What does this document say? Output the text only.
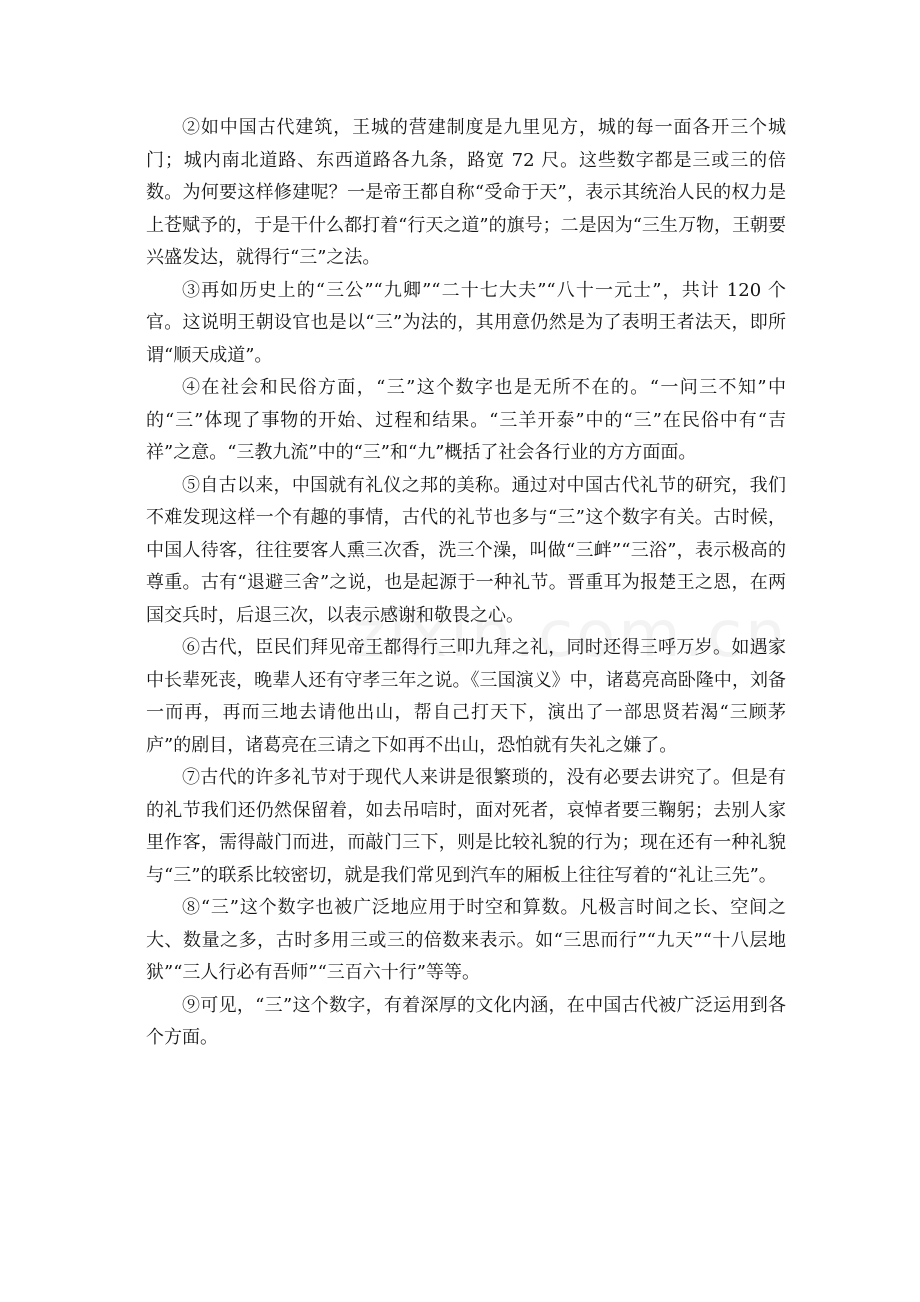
②如中国古代建筑，王城的营建制度是九里见方，城的每一面各开三个城门；城内南北道路、东西道路各九条，路宽 72 尺。这些数字都是三或三的倍数。为何要这样修建呢？一是帝王都自称“受命于天”，表示其统治人民的权力是上苍赋予的，于是干什么都打着“行天之道”的旗号；二是因为“三生万物，王朝要兴盛发达，就得行“三”之法。

③再如历史上的“三公”“九卿”“二十七大夫”“八十一元士”，共计 120 个官。这说明王朝设官也是以“三”为法的，其用意仍然是为了表明王者法天，即所谓“顺天成道”。

④在社会和民俗方面，“三”这个数字也是无所不在的。“一问三不知”中的“三”体现了事物的开始、过程和结果。“三羊开泰”中的“三”在民俗中有“吉祥”之意。“三教九流”中的“三”和“九”概括了社会各行业的方方面面。

⑤自古以来，中国就有礼仪之邦的美称。通过对中国古代礼节的研究，我们不难发现这样一个有趣的事情，古代的礼节也多与“三”这个数字有关。古时候，中国人待客，往往要客人熏三次香，洗三个澡，叫做“三衅”“三浴”，表示极高的尊重。古有“退避三舍”之说，也是起源于一种礼节。晋重耳为报楚王之恩，在两国交兵时，后退三次，以表示感谢和敬畏之心。

⑥古代，臣民们拜见帝王都得行三叩九拜之礼，同时还得三呼万岁。如遇家中长辈死丧，晚辈人还有守孝三年之说。《三国演义》中，诸葛亮高卧隆中，刘备一而再，再而三地去请他出山，帮自己打天下，演出了一部思贤若渴“三顾茅庐”的剧目，诸葛亮在三请之下如再不出山，恐怕就有失礼之嫌了。

⑦古代的许多礼节对于现代人来讲是很繁琐的，没有必要去讲究了。但是有的礼节我们还仍然保留着，如去吊唁时，面对死者，哀悼者要三鞠躬；去别人家里作客，需得敲门而进，而敲门三下，则是比较礼貌的行为；现在还有一种礼貌与“三”的联系比较密切，就是我们常见到汽车的厢板上往往写着的“礼让三先”。

⑧“三”这个数字也被广泛地应用于时空和算数。凡极言时间之长、空间之大、数量之多，古时多用三或三的倍数来表示。如“三思而行”“九天”“十八层地狱”“三人行必有吾师”“三百六十行”等等。

⑨可见，“三”这个数字，有着深厚的文化内涵，在中国古代被广泛运用到各个方面。
